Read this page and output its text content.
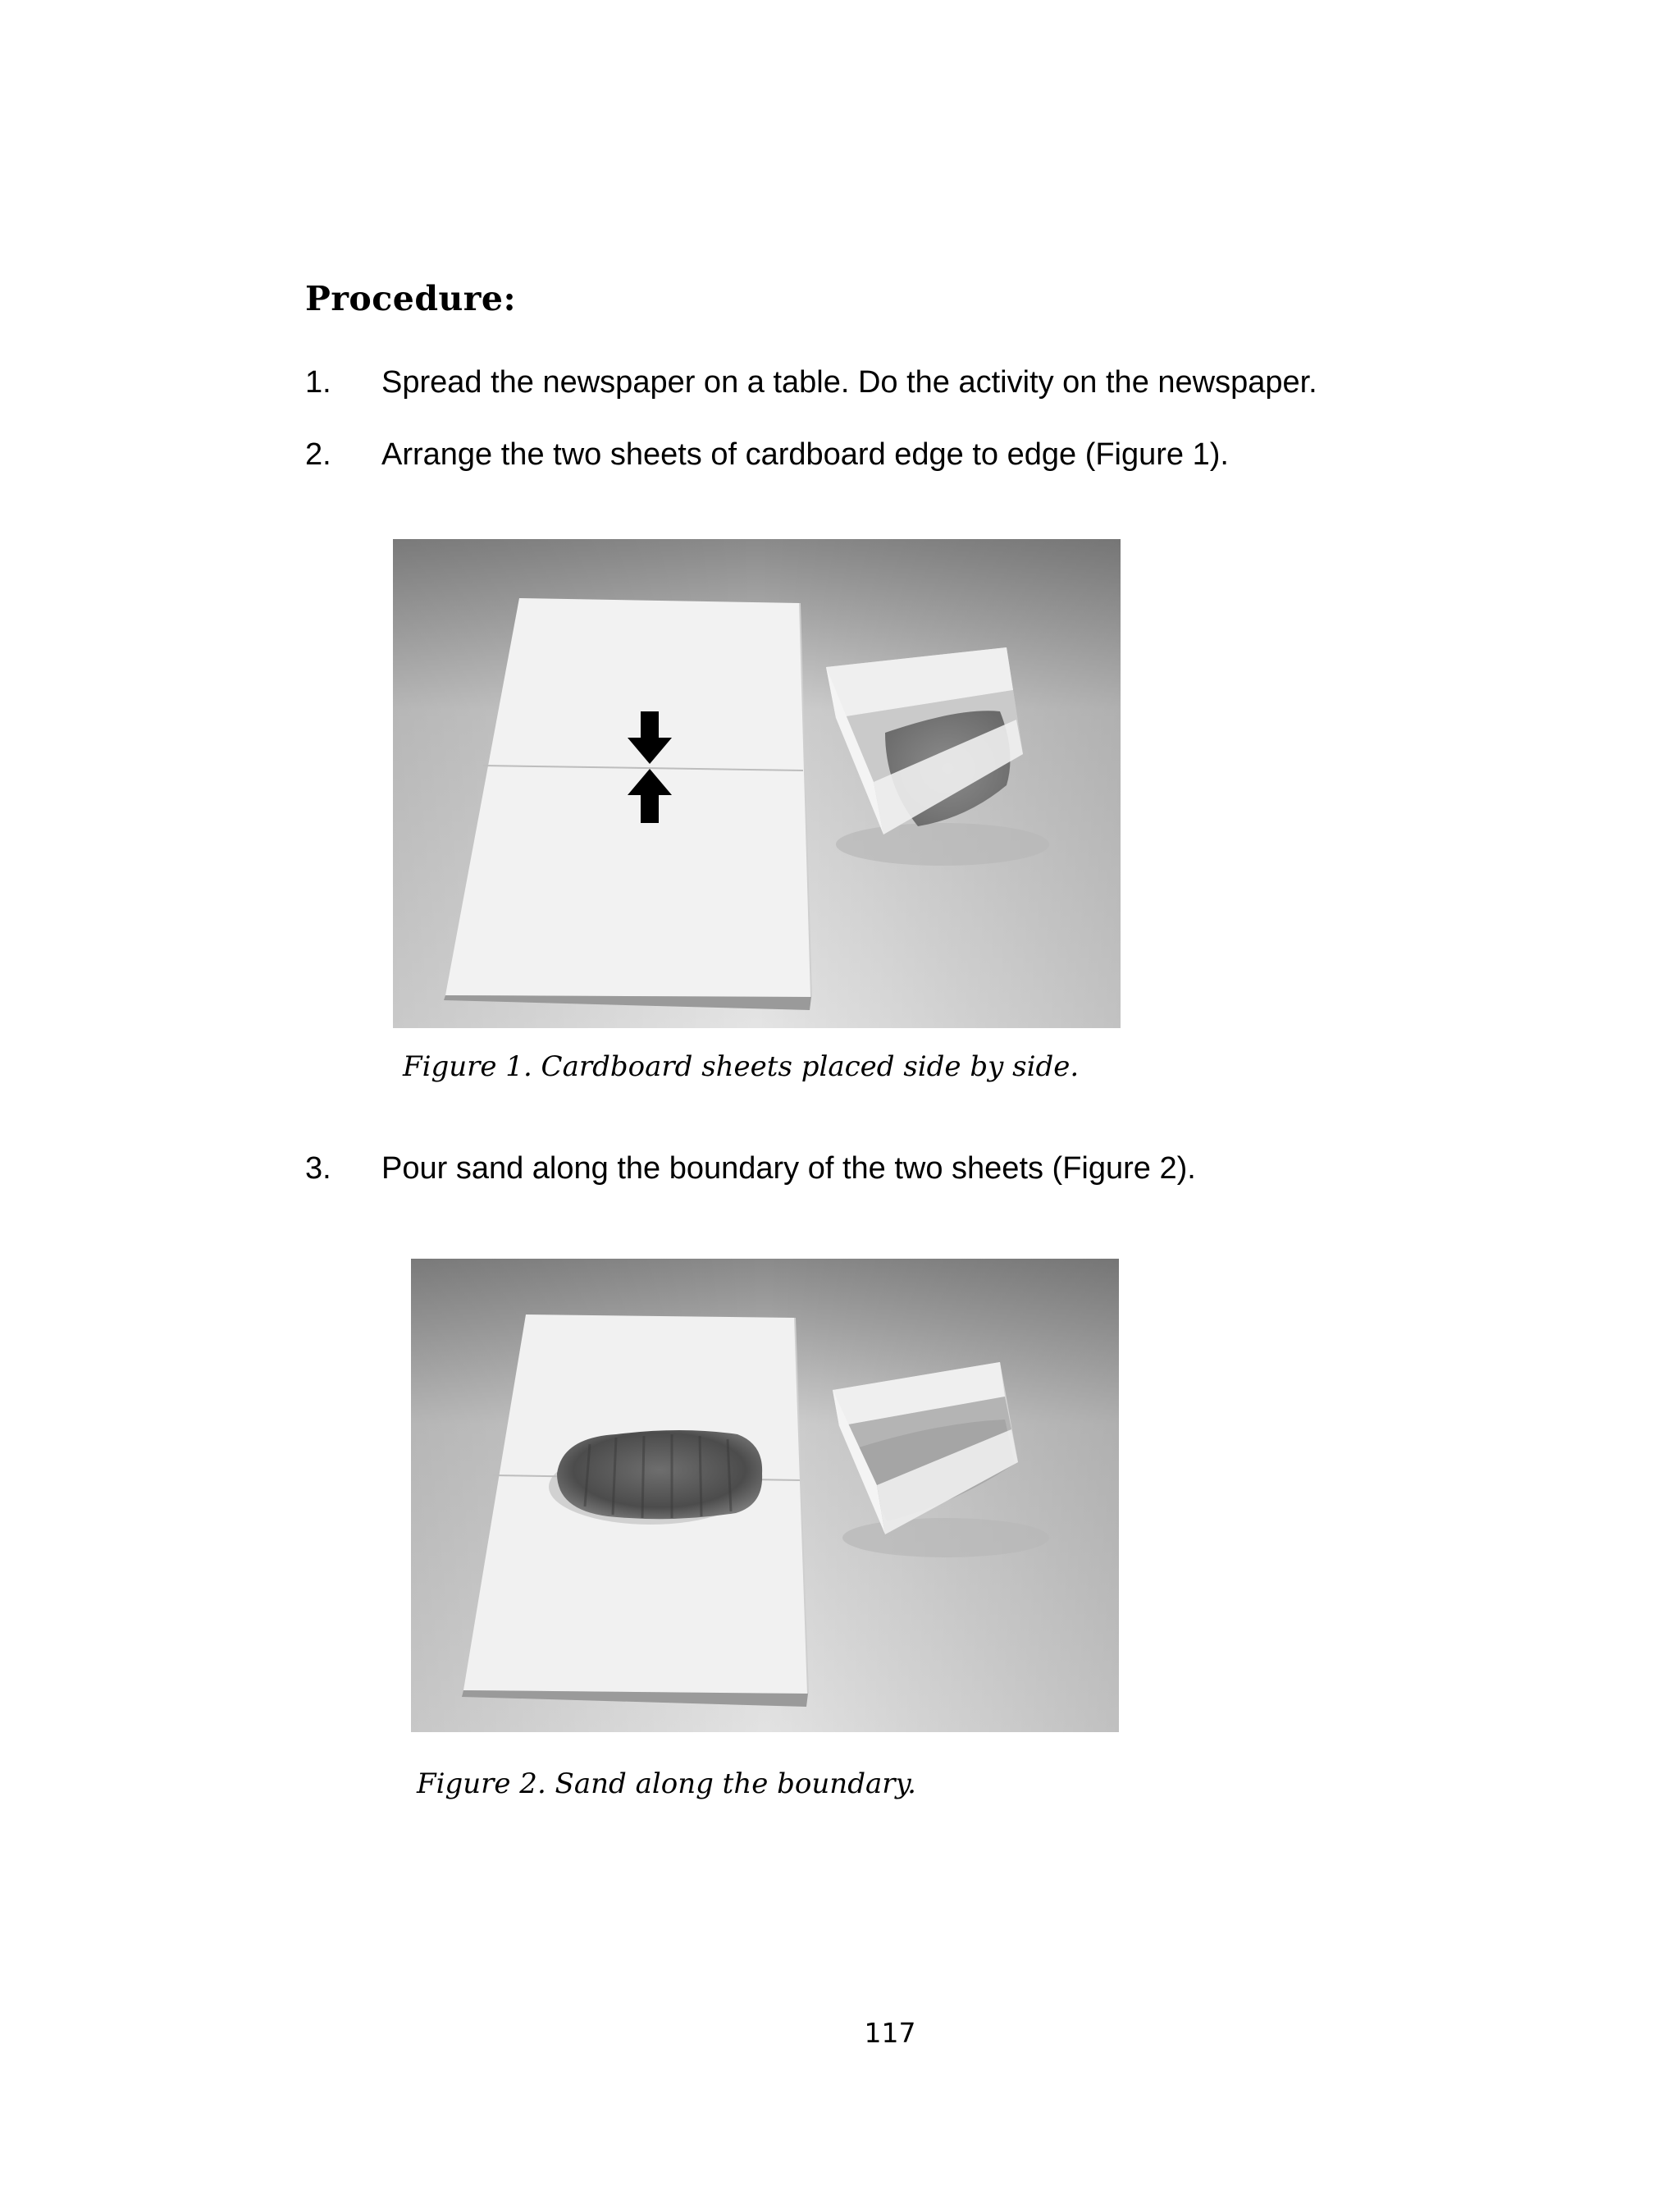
Procedure:
1. Spread the newspaper on a table. Do the activity on the newspaper.
2. Arrange the two sheets of cardboard edge to edge (Figure 1).
Figure 1. Cardboard sheets placed side by side.
3. Pour sand along the boundary of the two sheets (Figure 2).
Figure 2. Sand along the boundary.
117
